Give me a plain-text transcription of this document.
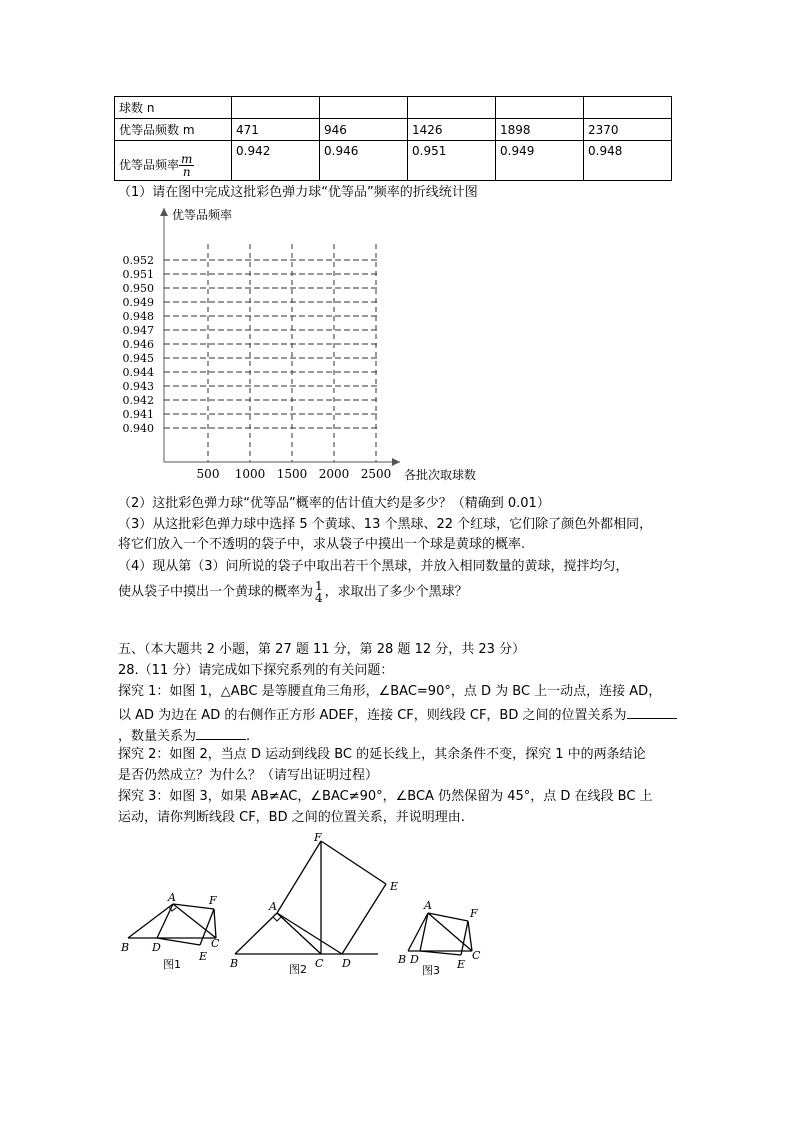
球数 n					
优等品频数 m	471	946	1426	1898	2370
优等品频率 $\frac{m}{n}$	0.942	0.946	0.951	0.949	0.948
（1）请在图中完成这批彩色弹力球“优等品”频率的折线统计图
500 1000 1500 2000 2500
0.952
0.951
0.950
0.949
0.948
0.947
0.946
0.945
0.944
0.943
0.942
0.941
0.940
优等品频率
各批次取球数
（2）这批彩色弹力球“优等品”概率的估计值大约是多少？（精确到 0.01）
（3）从这批彩色弹力球中选择 5 个黄球、13 个黑球、22 个红球，它们除了颜色外都相同，
将它们放入一个不透明的袋子中，求从袋子中摸出一个球是黄球的概率.
（4）现从第（3）问所说的袋子中取出若干个黑球，并放入相同数量的黄球，搅拌均匀，
使从袋子中摸出一个黄球的概率为 1
4 ，求取出了多少个黑球？
五、（本大题共 2 小题，第 27 题 11 分，第 28 题 12 分，共 23 分）
28.（11 分）请完成如下探究系列的有关问题：
探究 1：如图 1，△ABC 是等腰直角三角形，∠BAC=90°，点 D 为 BC 上一动点，连接 AD，
以 AD 为边在 AD 的右侧作正方形 ADEF，连接 CF，则线段 CF，BD 之间的位置关系为
，数量关系为	.
探究 2：如图 2，当点 D 运动到线段 BC 的延长线上，其余条件不变，探究 1 中的两条结论
是否仍然成立？为什么？（请写出证明过程）
探究 3：如图 3，如果 AB≠AC，∠BAC≠90°，∠BCA 仍然保留为 45°，点 D 在线段 BC 上
运动，请你判断线段 CF，BD 之间的位置关系，并说明理由.
A
B D	C
E
F
图1
A
B	C D
E
F
图2
A
B D	C
E
F
图3
